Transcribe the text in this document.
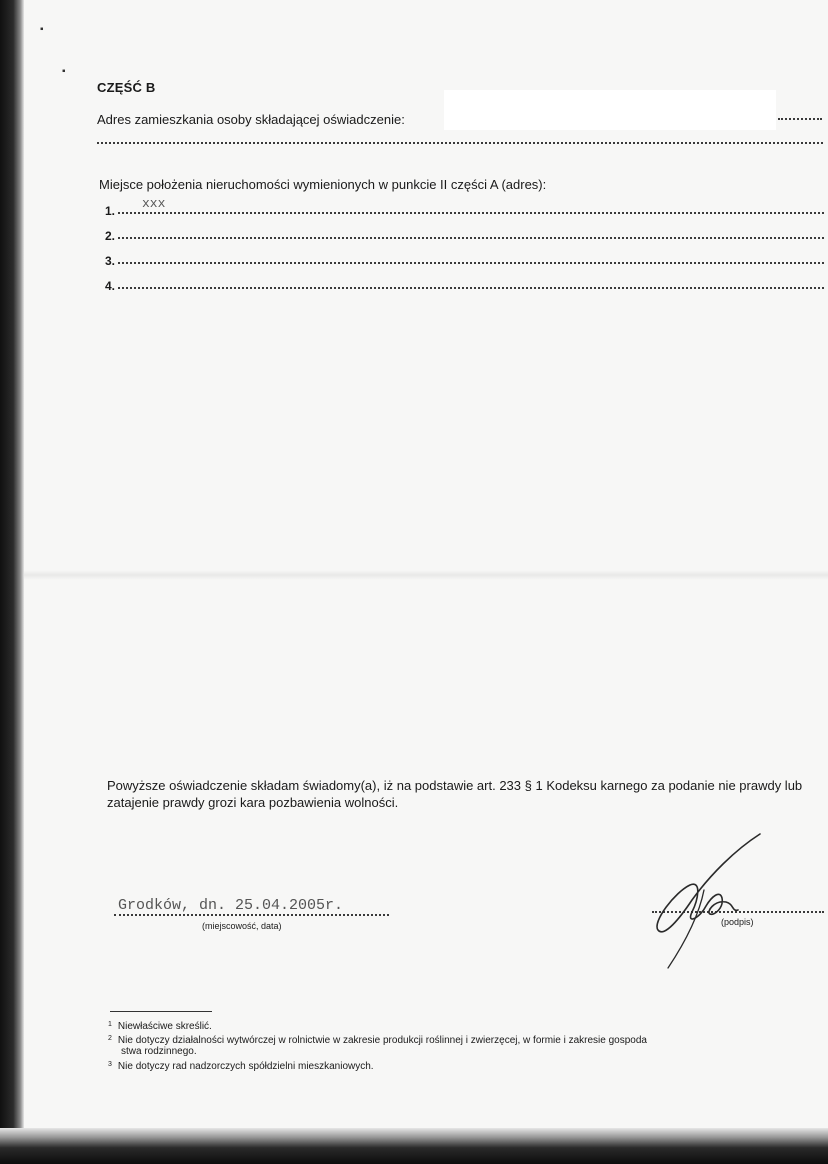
▪
▪
CZĘŚĆ B
Adres zamieszkania osoby składającej oświadczenie:
Miejsce położenia nieruchomości wymienionych w punkcie II części A (adres):
1. xxx
2.
3.
4.
Powyższe oświadczenie składam świadomy(a), iż na podstawie art. 233 § 1 Kodeksu karnego za podanie nie prawdy lub zatajenie prawdy grozi kara pozbawienia wolności.
Grodków, dn. 25.04.2005r.
(miejscowość, data)	(podpis)
$^1$ Niewłaściwe skreślić.
$^2$ Nie dotyczy działalności wytwórczej w rolnictwie w zakresie produkcji roślinnej i zwierzęcej, w formie i zakresie gospoda
stwa rodzinnego.
$^3$ Nie dotyczy rad nadzorczych spółdzielni mieszkaniowych.
